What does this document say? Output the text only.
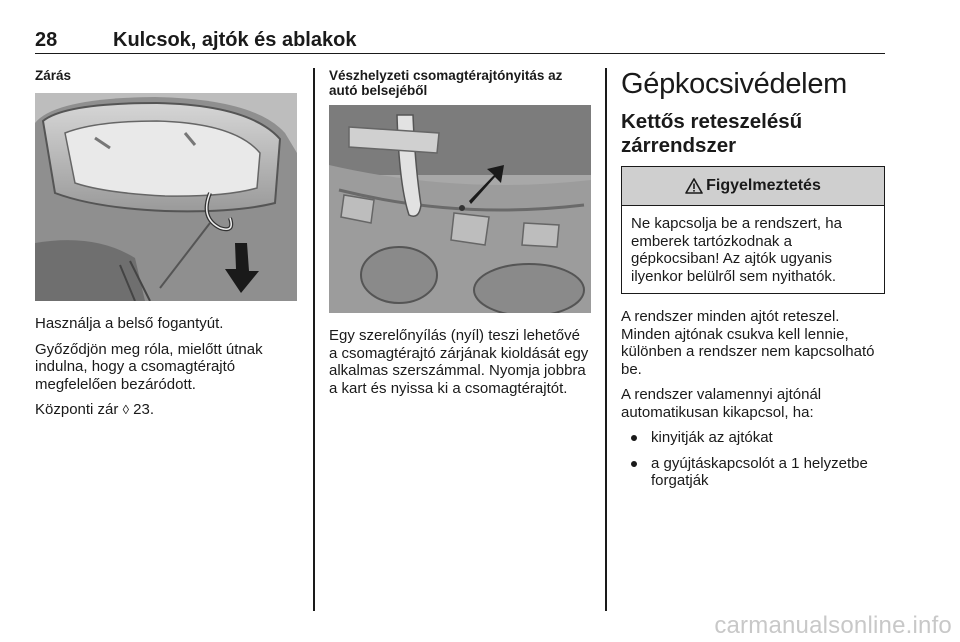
28	Kulcsok, ajtók és ablakok
Zárás

Használja a belső fogantyút.

Győződjön meg róla, mielőtt útnak indulna, hogy a csomagtérajtó megfelelően bezáródott.

Központi zár ◊ 23.

Vészhelyzeti csomagtérajtónyitás az autó belsejéből

Egy szerelőnyílás (nyíl) teszi lehetővé a csomagtérajtó zárjának kioldását egy alkalmas szerszámmal. Nyomja jobbra a kart és nyissa ki a csomagtérajtót.

Gépkocsivédelem
Kettős reteszelésű zárrendszer
Figyelmeztetés
Ne kapcsolja be a rendszert, ha emberek tartózkodnak a gépkocsiban! Az ajtók ugyanis ilyenkor belülről sem nyithatók.

A rendszer minden ajtót reteszel. Minden ajtónak csukva kell lennie, különben a rendszer nem kapcsolható be.

A rendszer valamennyi ajtónál automatikusan kikapcsol, ha:

kinyitják az ajtókat
a gyújtáskapcsolót a 1 helyzetbe forgatják
carmanualsonline.info
